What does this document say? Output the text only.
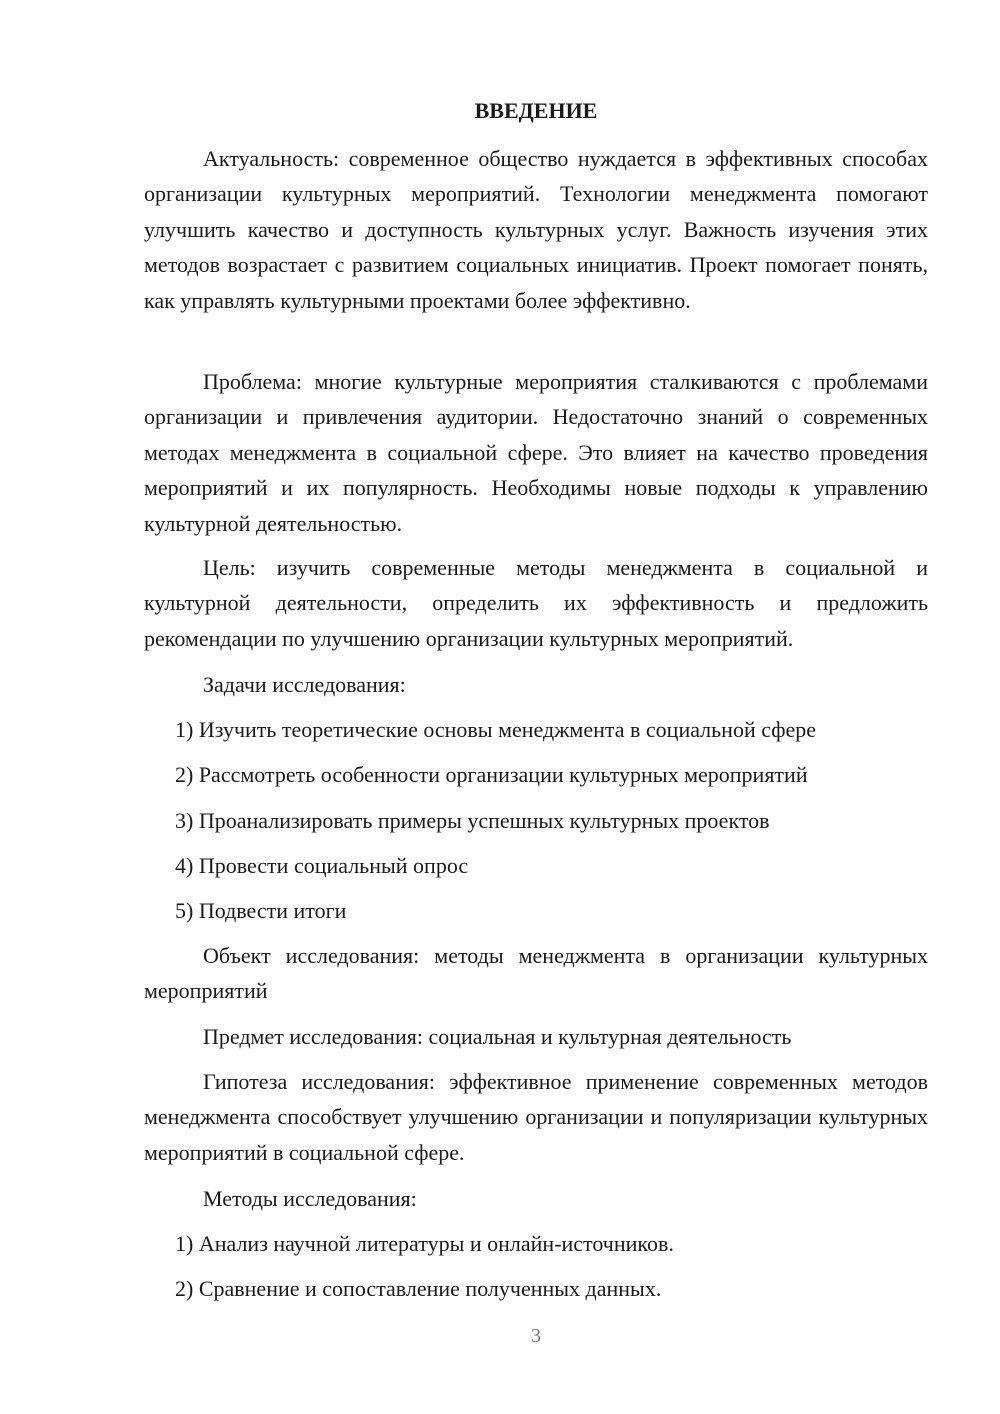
ВВЕДЕНИЕ

Актуальность: современное общество нуждается в эффективных способах организации культурных мероприятий. Технологии менеджмента помогают улучшить качество и доступность культурных услуг. Важность изучения этих методов возрастает с развитием социальных инициатив. Проект помогает понять, как управлять культурными проектами более эффективно.

Проблема: многие культурные мероприятия сталкиваются с проблемами организации и привлечения аудитории. Недостаточно знаний о современных методах менеджмента в социальной сфере. Это влияет на качество проведения мероприятий и их популярность. Необходимы новые подходы к управлению культурной деятельностью.

Цель: изучить современные методы менеджмента в социальной и культурной деятельности, определить их эффективность и предложить рекомендации по улучшению организации культурных мероприятий.

Задачи исследования:

1) Изучить теоретические основы менеджмента в социальной сфере

2) Рассмотреть особенности организации культурных мероприятий

3) Проанализировать примеры успешных культурных проектов

4) Провести социальный опрос

5) Подвести итоги

Объект исследования: методы менеджмента в организации культурных мероприятий

Предмет исследования: социальная и культурная деятельность

Гипотеза исследования: эффективное применение современных методов менеджмента способствует улучшению организации и популяризации культурных мероприятий в социальной сфере.

Методы исследования:

1) Анализ научной литературы и онлайн-источников.

2) Сравнение и сопоставление полученных данных.

3
